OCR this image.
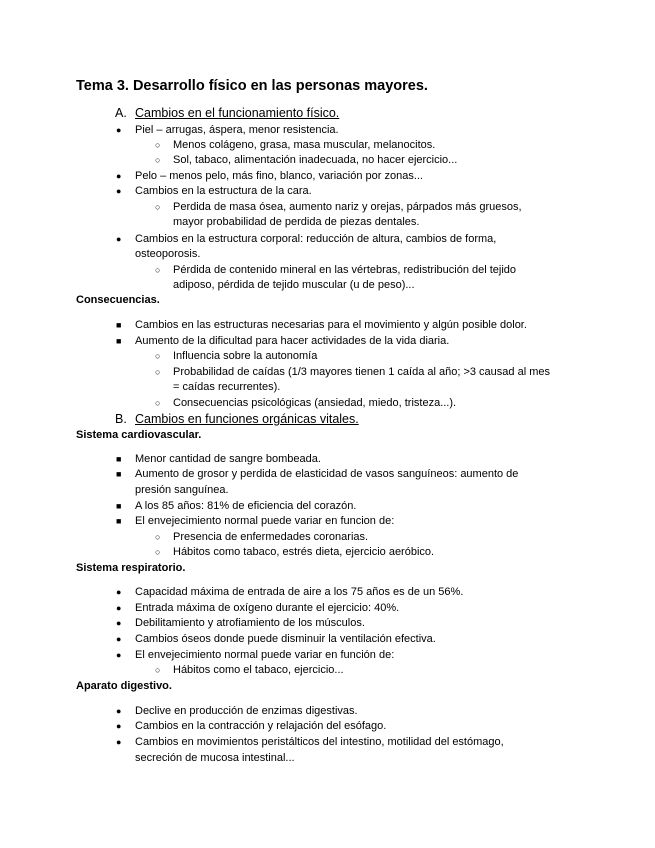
Tema 3. Desarrollo físico en las personas mayores.
A. Cambios en el funcionamiento físico.
● Piel – arrugas, áspera, menor resistencia.
○ Menos colágeno, grasa, masa muscular, melanocitos.
○ Sol, tabaco, alimentación inadecuada, no hacer ejercicio...
● Pelo – menos pelo, más fino, blanco, variación por zonas...
● Cambios en la estructura de la cara.
○ Perdida de masa ósea, aumento nariz y orejas, párpados más gruesos,
mayor probabilidad de perdida de piezas dentales.
● Cambios en la estructura corporal: reducción de altura, cambios de forma,
osteoporosis.
○ Pérdida de contenido mineral en las vértebras, redistribución del tejido
adiposo, pérdida de tejido muscular (u de peso)...
Consecuencias.
■ Cambios en las estructuras necesarias para el movimiento y algún posible dolor.
■ Aumento de la dificultad para hacer actividades de la vida diaria.
○ Influencia sobre la autonomía
○ Probabilidad de caídas (1/3 mayores tienen 1 caída al año; >3 causad al mes
= caídas recurrentes).
○ Consecuencias psicológicas (ansiedad, miedo, tristeza...).
B. Cambios en funciones orgánicas vitales.
Sistema cardiovascular.
■ Menor cantidad de sangre bombeada.
■ Aumento de grosor y perdida de elasticidad de vasos sanguíneos: aumento de
presión sanguínea.
■ A los 85 años: 81% de eficiencia del corazón.
■ El envejecimiento normal puede variar en funcion de:
○ Presencia de enfermedades coronarias.
○ Hábitos como tabaco, estrés dieta, ejercicio aeróbico.
Sistema respiratorio.
● Capacidad máxima de entrada de aire a los 75 años es de un 56%.
● Entrada máxima de oxígeno durante el ejercicio: 40%.
● Debilitamiento y atrofiamiento de los músculos.
● Cambios óseos donde puede disminuir la ventilación efectiva.
● El envejecimiento normal puede variar en función de:
○ Hábitos como el tabaco, ejercicio...
Aparato digestivo.
● Declive en producción de enzimas digestivas.
● Cambios en la contracción y relajación del esófago.
● Cambios en movimientos peristálticos del intestino, motilidad del estómago,
secreción de mucosa intestinal...
